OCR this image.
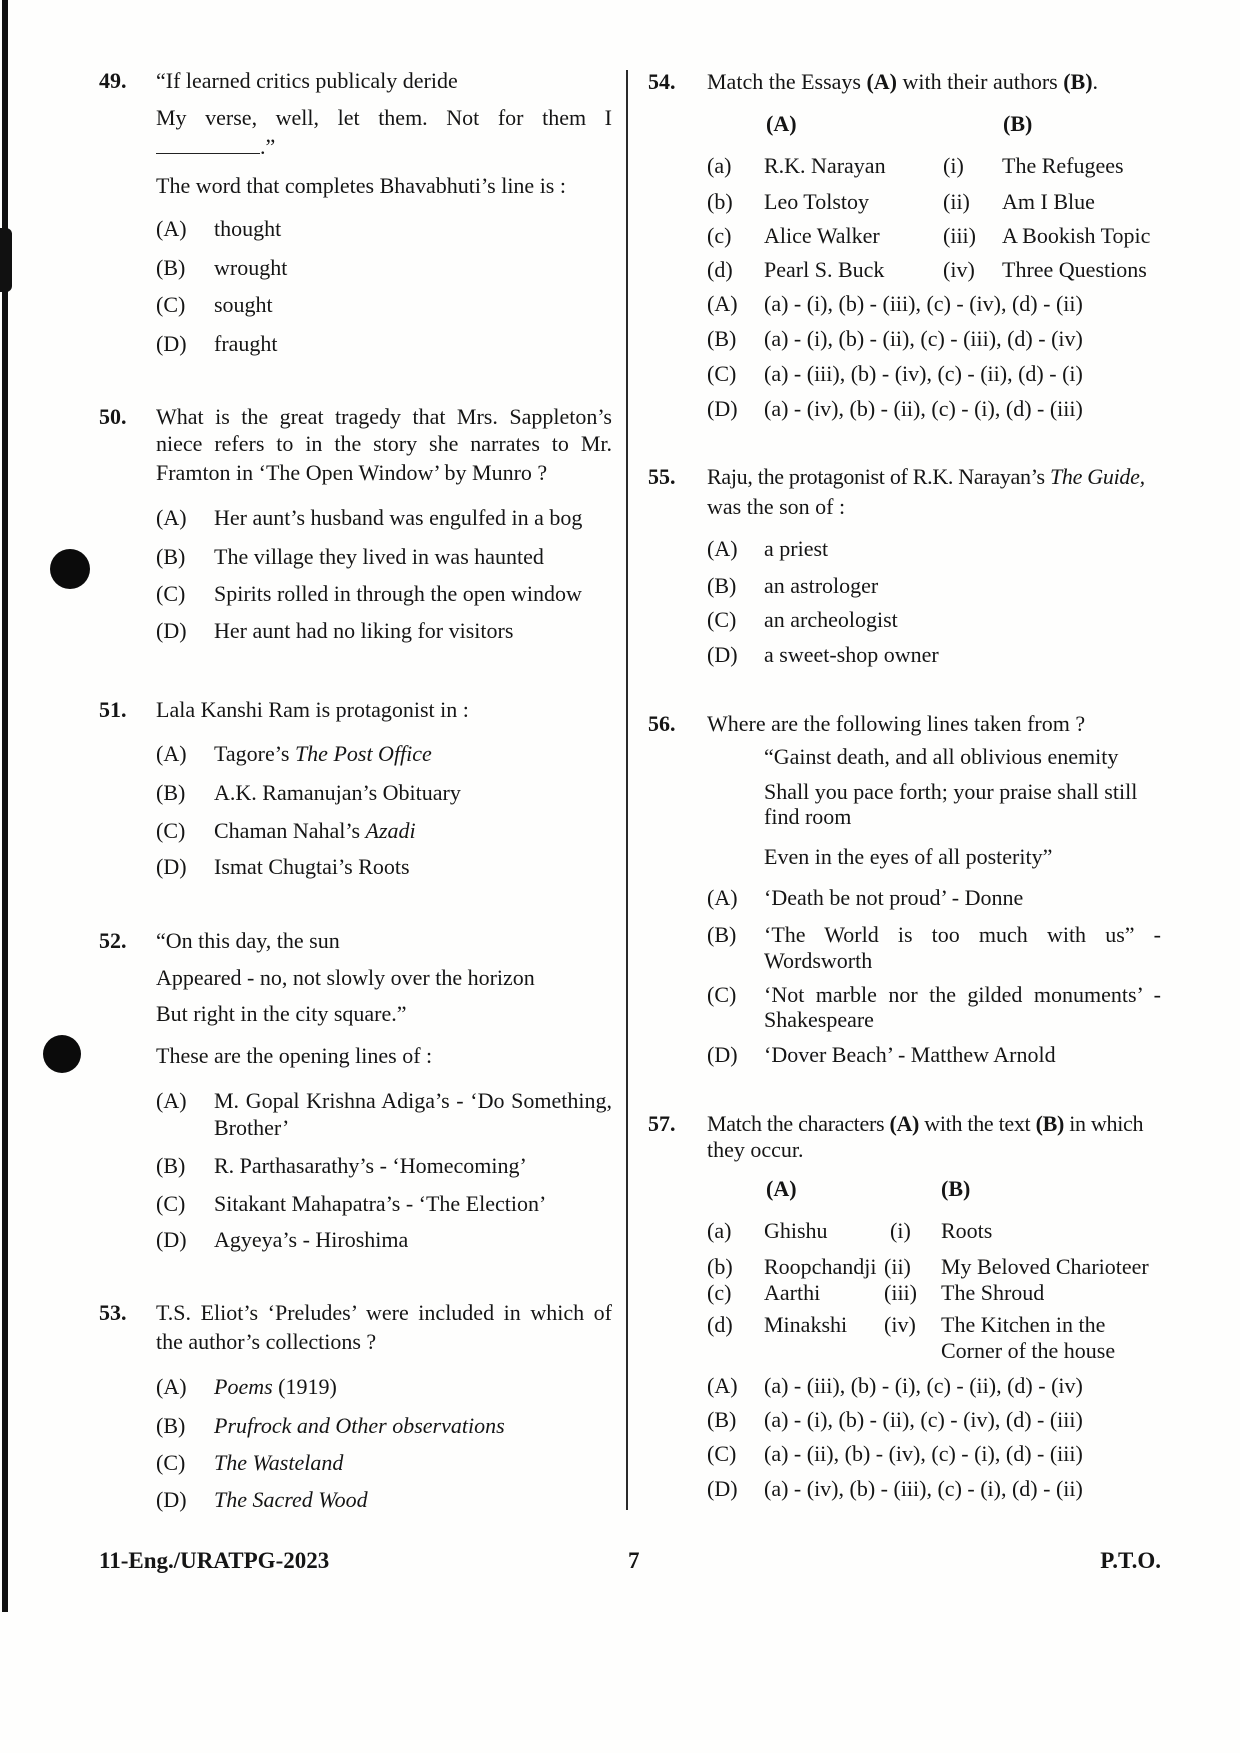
49. “If learned critics publicaly deride
My verse, well, let them. Not for them I
.”
The word that completes Bhavabhuti’s line is :
(A) thought
(B) wrought
(C) sought
(D) fraught
50. What is the great tragedy that Mrs. Sappleton’s
niece refers to in the story she narrates to Mr.
Framton in ‘The Open Window’ by Munro ?
(A) Her aunt’s husband was engulfed in a bog
(B) The village they lived in was haunted
(C) Spirits rolled in through the open window
(D) Her aunt had no liking for visitors
51. Lala Kanshi Ram is protagonist in :
(A) Tagore’s The Post Office
(B) A.K. Ramanujan’s Obituary
(C) Chaman Nahal’s Azadi
(D) Ismat Chugtai’s Roots
52. “On this day, the sun
Appeared - no, not slowly over the horizon
But right in the city square.”
These are the opening lines of :
(A) M. Gopal Krishna Adiga’s - ‘Do Something,
Brother’
(B) R. Parthasarathy’s - ‘Homecoming’
(C) Sitakant Mahapatra’s - ‘The Election’
(D) Agyeya’s - Hiroshima
53. T.S. Eliot’s ‘Preludes’ were included in which of
the author’s collections ?
(A) Poems (1919)
(B) Prufrock and Other observations
(C) The Wasteland
(D) The Sacred Wood
54. Match the Essays (A) with their authors (B).
(A)	(B)
(a) R.K. Narayan	(i) The Refugees
(b) Leo Tolstoy	(ii) Am I Blue
(c) Alice Walker	(iii) A Bookish Topic
(d) Pearl S. Buck	(iv) Three Questions
(A) (a) - (i), (b) - (iii), (c) - (iv), (d) - (ii)
(B) (a) - (i), (b) - (ii), (c) - (iii), (d) - (iv)
(C) (a) - (iii), (b) - (iv), (c) - (ii), (d) - (i)
(D) (a) - (iv), (b) - (ii), (c) - (i), (d) - (iii)
55. Raju, the protagonist of R.K. Narayan’s The Guide,
was the son of :
(A) a priest
(B) an astrologer
(C) an archeologist
(D) a sweet-shop owner
56. Where are the following lines taken from ?
“Gainst death, and all oblivious enemity
Shall you pace forth; your praise shall still
find room
Even in the eyes of all posterity”
(A) ‘Death be not proud’ - Donne
(B) ‘The World is too much with us” -
Wordsworth
(C) ‘Not marble nor the gilded monuments’ -
Shakespeare
(D) ‘Dover Beach’ - Matthew Arnold
57. Match the characters (A) with the text (B) in which
they occur.
(A)	(B)
(a) Ghishu	(i) Roots
(b) Roopchandji (ii) My Beloved Charioteer
(c) Aarthi	(iii) The Shroud
(d) Minakshi (iv) The Kitchen in the
Corner of the house
(A) (a) - (iii), (b) - (i), (c) - (ii), (d) - (iv)
(B) (a) - (i), (b) - (ii), (c) - (iv), (d) - (iii)
(C) (a) - (ii), (b) - (iv), (c) - (i), (d) - (iii)
(D) (a) - (iv), (b) - (iii), (c) - (i), (d) - (ii)
11-Eng./URATPG-2023	7	P.T.O.
